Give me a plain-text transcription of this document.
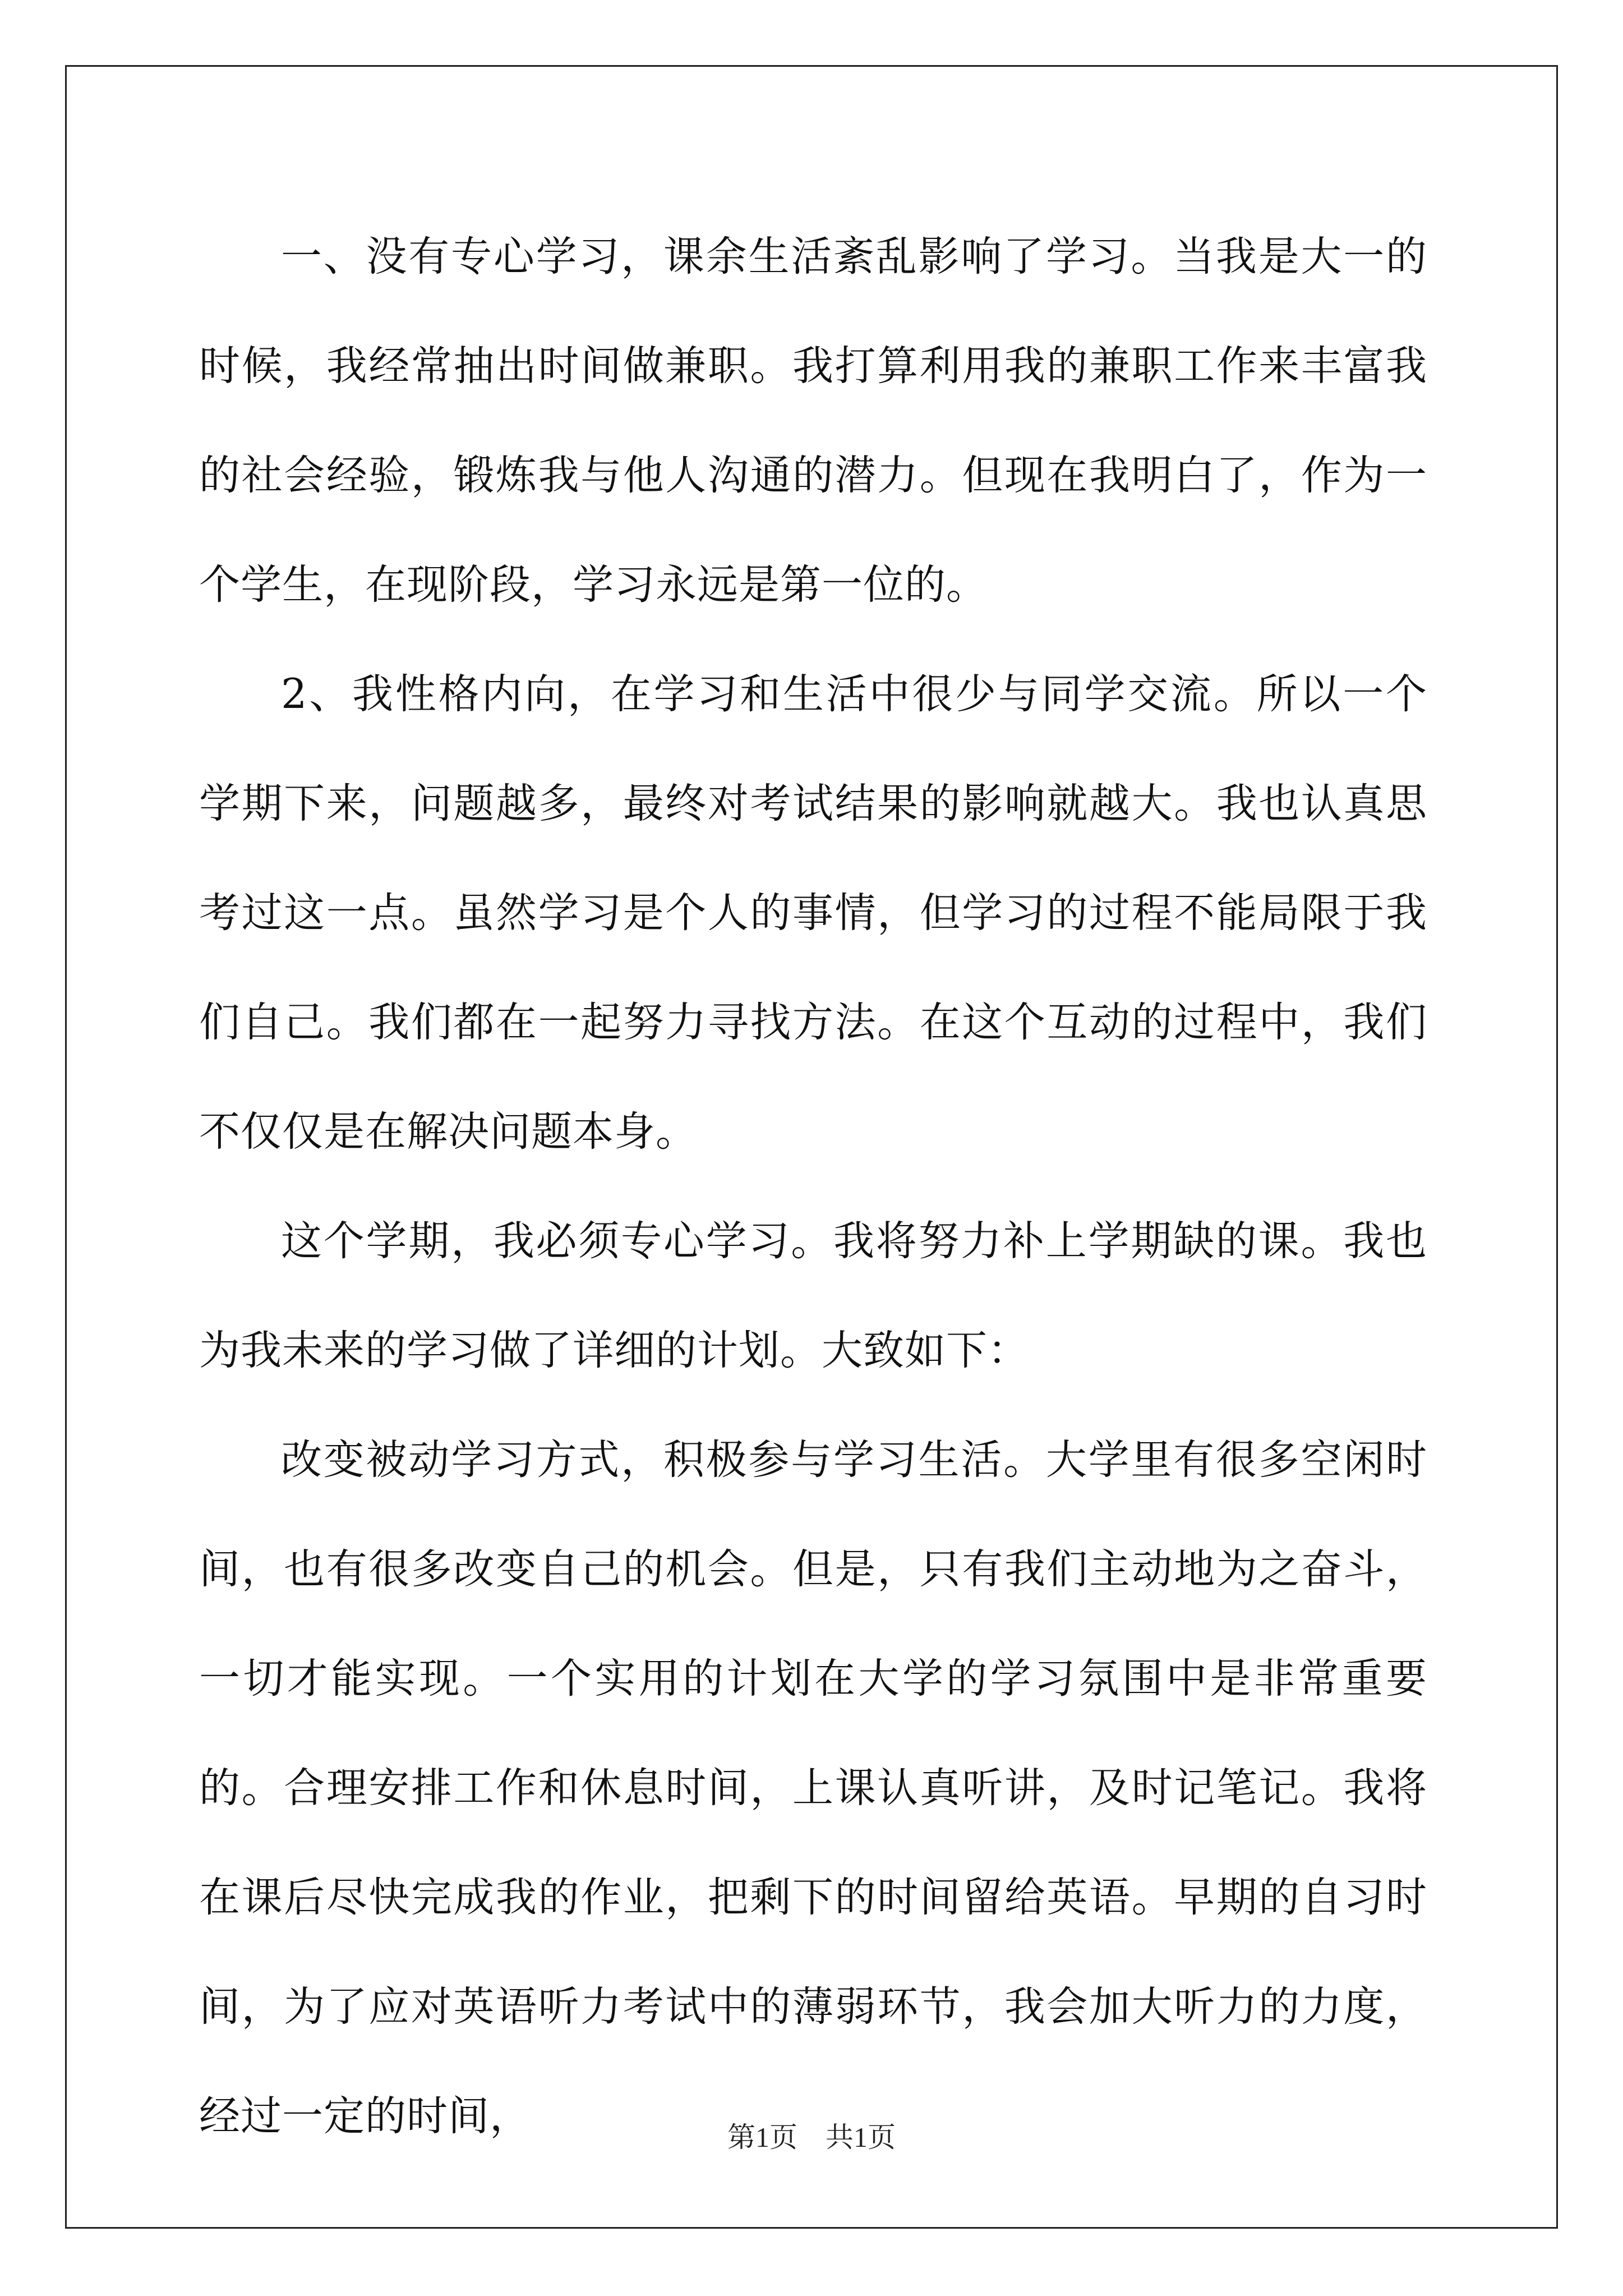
一、没有专心学习，课余生活紊乱影响了学习。当我是大一的时候，我经常抽出时间做兼职。我打算利用我的兼职工作来丰富我的社会经验，锻炼我与他人沟通的潜力。但现在我明白了，作为一个学生，在现阶段，学习永远是第一位的。

2、我性格内向，在学习和生活中很少与同学交流。所以一个学期下来，问题越多，最终对考试结果的影响就越大。我也认真思考过这一点。虽然学习是个人的事情，但学习的过程不能局限于我们自己。我们都在一起努力寻找方法。在这个互动的过程中，我们不仅仅是在解决问题本身。

这个学期，我必须专心学习。我将努力补上学期缺的课。我也为我未来的学习做了详细的计划。大致如下：

改变被动学习方式，积极参与学习生活。大学里有很多空闲时间，也有很多改变自己的机会。但是，只有我们主动地为之奋斗，一切才能实现。一个实用的计划在大学的学习氛围中是非常重要的。合理安排工作和休息时间，上课认真听讲，及时记笔记。我将在课后尽快完成我的作业，把剩下的时间留给英语。早期的自习时间，为了应对英语听力考试中的薄弱环节，我会加大听力的力度，经过一定的时间，	第1页 共1页
